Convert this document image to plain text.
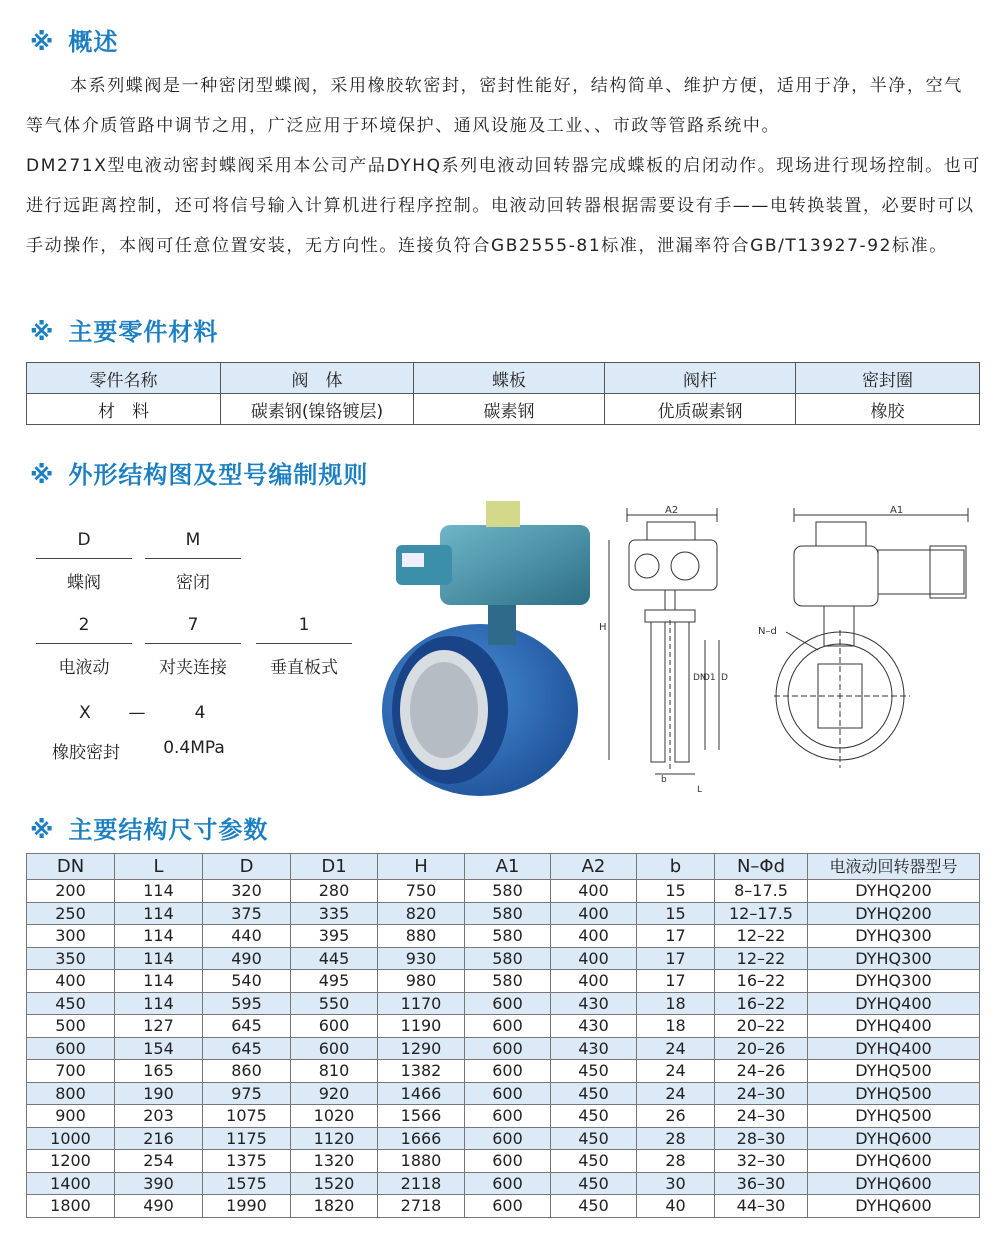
※ 概述

本系列蝶阀是一种密闭型蝶阀，采用橡胶软密封，密封性能好，结构简单、维护方便，适用于净，半净，空气等气体介质管路中调节之用，广泛应用于环境保护、通风设施及工业、、市政等管路系统中。

DM271X型电液动密封蝶阀采用本公司产品DYHQ系列电液动回转器完成蝶板的启闭动作。现场进行现场控制。也可进行远距离控制，还可将信号输入计算机进行程序控制。电液动回转器根据需要设有手——电转换装置，必要时可以手动操作，本阀可任意位置安装，无方向性。连接负符合GB2555-81标准，泄漏率符合GB/T13927-92标准。

※ 主要零件材料
零件名称	阀　体	蝶板	阀杆	密封圈
材　料	碳素钢(镍铬镀层)	碳素钢	优质碳素钢	橡胶
※ 外形结构图及型号编制规则
D
蝶阀
M
密闭
2
电液动
7
对夹连接
1
垂直板式
X	—	4
橡胶密封	0.4MPa
A2
H
DN
D1 D
b
L
A1
N–d
※ 主要结构尺寸参数
DN	L	D	D1	H	A1	A2	b	N–Φd	电液动回转器型号
200	114	320	280	750	580	400	15	8–17.5	DYHQ200
250	114	375	335	820	580	400	15	12–17.5	DYHQ200
300	114	440	395	880	580	400	17	12–22	DYHQ300
350	114	490	445	930	580	400	17	12–22	DYHQ300
400	114	540	495	980	580	400	17	16–22	DYHQ300
450	114	595	550	1170	600	430	18	16–22	DYHQ400
500	127	645	600	1190	600	430	18	20–22	DYHQ400
600	154	645	600	1290	600	430	24	20–26	DYHQ400
700	165	860	810	1382	600	450	24	24–26	DYHQ500
800	190	975	920	1466	600	450	24	24–30	DYHQ500
900	203	1075	1020	1566	600	450	26	24–30	DYHQ500
1000	216	1175	1120	1666	600	450	28	28–30	DYHQ600
1200	254	1375	1320	1880	600	450	28	32–30	DYHQ600
1400	390	1575	1520	2118	600	450	30	36–30	DYHQ600
1800	490	1990	1820	2718	600	450	40	44–30	DYHQ600
